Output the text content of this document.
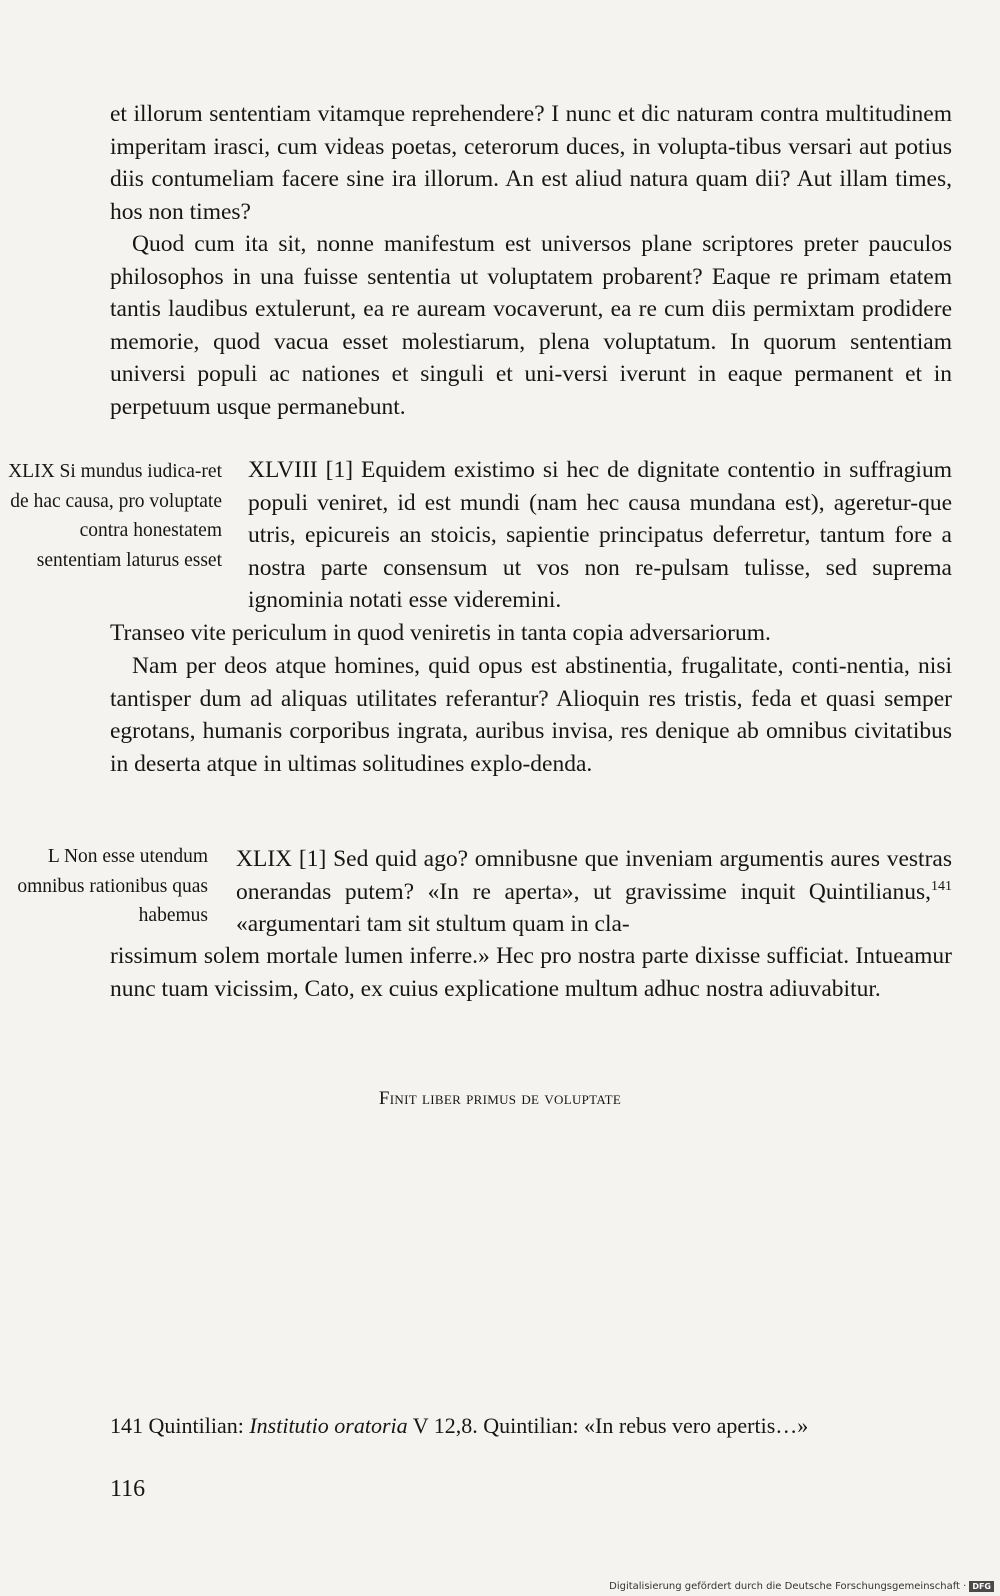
et illorum sententiam vitamque reprehendere? I nunc et dic naturam contra multitudinem imperitam irasci, cum videas poetas, ceterorum duces, in volupta-tibus versari aut potius diis contumeliam facere sine ira illorum. An est aliud natura quam dii? Aut illam times, hos non times?

Quod cum ita sit, nonne manifestum est universos plane scriptores preter pauculos philosophos in una fuisse sententia ut voluptatem probarent? Eaque re primam etatem tantis laudibus extulerunt, ea re auream vocaverunt, ea re cum diis permixtam prodidere memorie, quod vacua esset molestiarum, plena voluptatum. In quorum sententiam universi populi ac nationes et singuli et uni-versi iverunt in eaque permanent et in perpetuum usque permanebunt.

XLIX Si mundus iudica-ret de hac causa, pro voluptate contra honestatem sententiam laturus esset

XLVIII [1] Equidem existimo si hec de dignitate contentio in suffragium populi veniret, id est mundi (nam hec causa mundana est), ageretur-que utris, epicureis an stoicis, sapientie principatus deferretur, tantum fore a nostra parte consensum ut vos non re-pulsam tulisse, sed suprema ignominia notati esse videremini.

Transeo vite periculum in quod veniretis in tanta copia adversariorum.

Nam per deos atque homines, quid opus est abstinentia, frugalitate, conti-nentia, nisi tantisper dum ad aliquas utilitates referantur? Alioquin res tristis, feda et quasi semper egrotans, humanis corporibus ingrata, auribus invisa, res denique ab omnibus civitatibus in deserta atque in ultimas solitudines explo-denda.

L Non esse utendum omnibus rationibus quas habemus

XLIX [1] Sed quid ago? omnibusne que inveniam argumentis aures vestras onerandas putem? «In re aperta», ut gravissime inquit Quintilianus,$^{141}$ «argumentari tam sit stultum quam in cla-

rissimum solem mortale lumen inferre.» Hec pro nostra parte dixisse sufficiat. Intueamur nunc tuam vicissim, Cato, ex cuius explicatione multum adhuc nostra adiuvabitur.

Finit liber primus de voluptate

141 Quintilian: Institutio oratoria V 12,8. Quintilian: «In rebus vero apertis…»

116

Digitalisierung gefördert durch die Deutsche Forschungsgemeinschaft · DFG
